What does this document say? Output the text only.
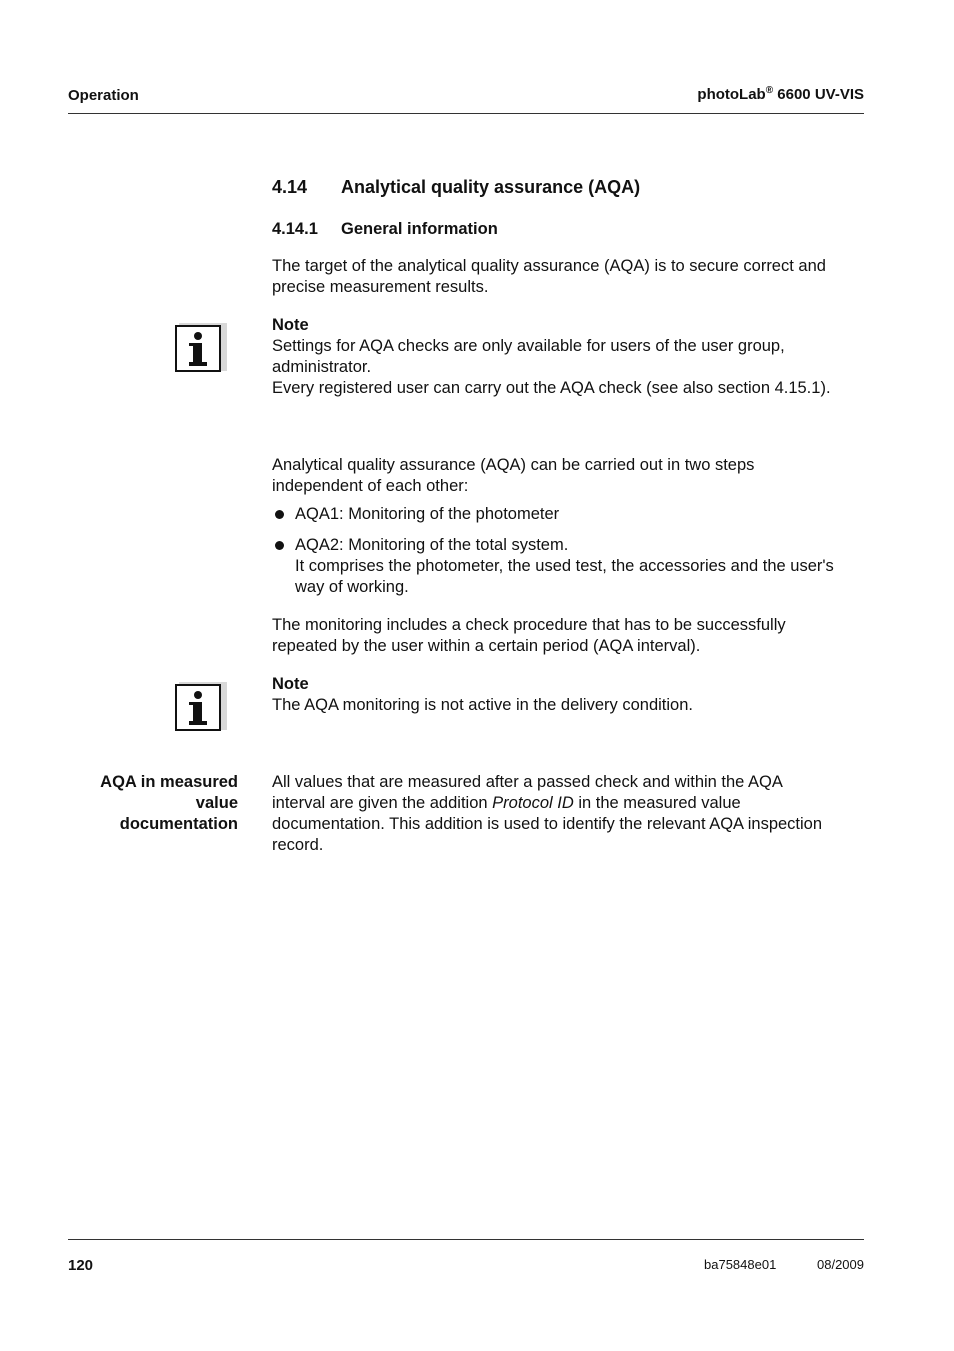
Operation	photoLab® 6600 UV-VIS
4.14 Analytical quality assurance (AQA)
4.14.1 General information
The target of the analytical quality assurance (AQA) is to secure correct and
precise measurement results.
Note
Settings for AQA checks are only available for users of the user group,
administrator.
Every registered user can carry out the AQA check (see also section 4.15.1).
Analytical quality assurance (AQA) can be carried out in two steps
independent of each other:
AQA1: Monitoring of the photometer
AQA2: Monitoring of the total system.
It comprises the photometer, the used test, the accessories and the user's
way of working.
The monitoring includes a check procedure that has to be successfully
repeated by the user within a certain period (AQA interval).
Note
The AQA monitoring is not active in the delivery condition.
AQA in measured
value
documentation
All values that are measured after a passed check and within the AQA
interval are given the addition Protocol ID in the measured value
documentation. This addition is used to identify the relevant AQA inspection
record.
120	ba75848e01	08/2009
